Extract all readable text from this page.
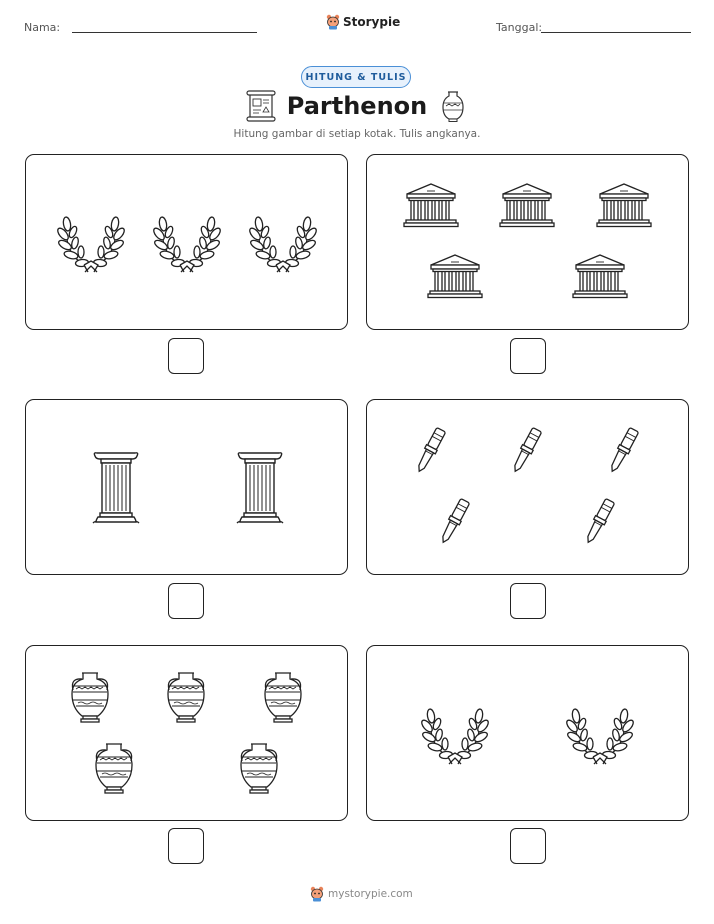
Nama:	Tanggal:
Storypie
HITUNG & TULIS
Parthenon
Hitung gambar di setiap kotak. Tulis angkanya.
mystorypie.com
